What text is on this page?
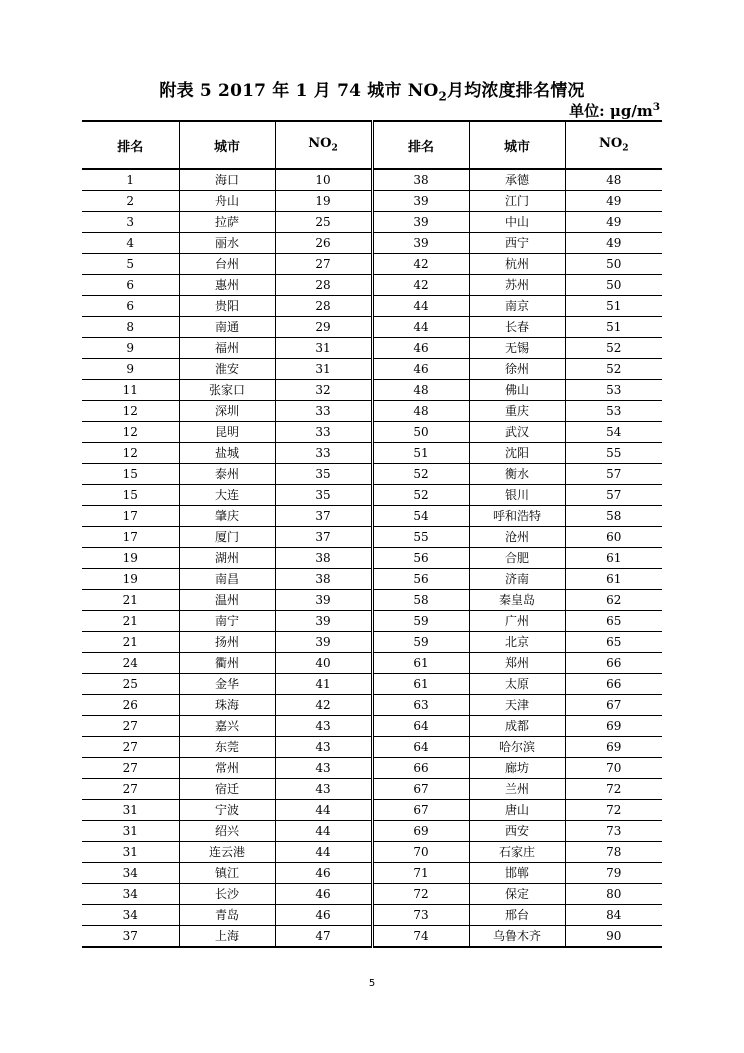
附表 5 2017 年 1 月 74 城市 $NO_2$月均浓度排名情况
单位: $\mu g/m^3$
排名	城市	$NO_2$	排名	城市	$NO_2$
1	海口	10	38	承德	48
2	舟山	19	39	江门	49
3	拉萨	25	39	中山	49
4	丽水	26	39	西宁	49
5	台州	27	42	杭州	50
6	惠州	28	42	苏州	50
6	贵阳	28	44	南京	51
8	南通	29	44	长春	51
9	福州	31	46	无锡	52
9	淮安	31	46	徐州	52
11	张家口	32	48	佛山	53
12	深圳	33	48	重庆	53
12	昆明	33	50	武汉	54
12	盐城	33	51	沈阳	55
15	泰州	35	52	衡水	57
15	大连	35	52	银川	57
17	肇庆	37	54	呼和浩特	58
17	厦门	37	55	沧州	60
19	湖州	38	56	合肥	61
19	南昌	38	56	济南	61
21	温州	39	58	秦皇岛	62
21	南宁	39	59	广州	65
21	扬州	39	59	北京	65
24	衢州	40	61	郑州	66
25	金华	41	61	太原	66
26	珠海	42	63	天津	67
27	嘉兴	43	64	成都	69
27	东莞	43	64	哈尔滨	69
27	常州	43	66	廊坊	70
27	宿迁	43	67	兰州	72
31	宁波	44	67	唐山	72
31	绍兴	44	69	西安	73
31	连云港	44	70	石家庄	78
34	镇江	46	71	邯郸	79
34	长沙	46	72	保定	80
34	青岛	46	73	邢台	84
37	上海	47	74	乌鲁木齐	90
5
